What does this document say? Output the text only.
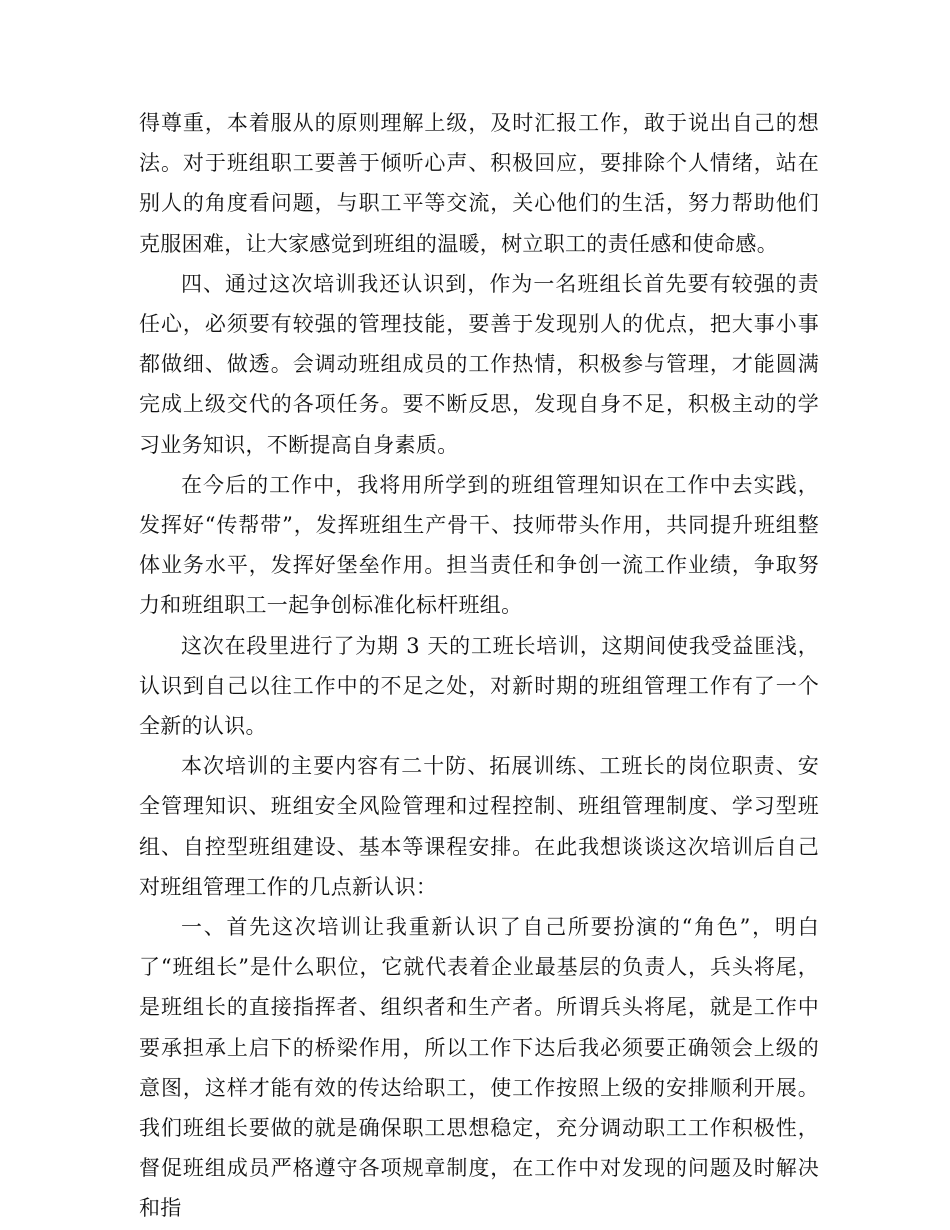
得尊重，本着服从的原则理解上级，及时汇报工作，敢于说出自己的想法。对于班组职工要善于倾听心声、积极回应，要排除个人情绪，站在别人的角度看问题，与职工平等交流，关心他们的生活，努力帮助他们克服困难，让大家感觉到班组的温暖，树立职工的责任感和使命感。

四、通过这次培训我还认识到，作为一名班组长首先要有较强的责任心，必须要有较强的管理技能，要善于发现别人的优点，把大事小事都做细、做透。会调动班组成员的工作热情，积极参与管理，才能圆满完成上级交代的各项任务。要不断反思，发现自身不足，积极主动的学习业务知识，不断提高自身素质。

在今后的工作中，我将用所学到的班组管理知识在工作中去实践，发挥好“传帮带”，发挥班组生产骨干、技师带头作用，共同提升班组整体业务水平，发挥好堡垒作用。担当责任和争创一流工作业绩，争取努力和班组职工一起争创标准化标杆班组。

这次在段里进行了为期 3 天的工班长培训，这期间使我受益匪浅，认识到自己以往工作中的不足之处，对新时期的班组管理工作有了一个全新的认识。

本次培训的主要内容有二十防、拓展训练、工班长的岗位职责、安全管理知识、班组安全风险管理和过程控制、班组管理制度、学习型班组、自控型班组建设、基本等课程安排。在此我想谈谈这次培训后自己对班组管理工作的几点新认识：

一、首先这次培训让我重新认识了自己所要扮演的“角色”，明白了“班组长”是什么职位，它就代表着企业最基层的负责人，兵头将尾，是班组长的直接指挥者、组织者和生产者。所谓兵头将尾，就是工作中要承担承上启下的桥梁作用，所以工作下达后我必须要正确领会上级的意图，这样才能有效的传达给职工，使工作按照上级的安排顺利开展。我们班组长要做的就是确保职工思想稳定，充分调动职工工作积极性，督促班组成员严格遵守各项规章制度，在工作中对发现的问题及时解决和指
